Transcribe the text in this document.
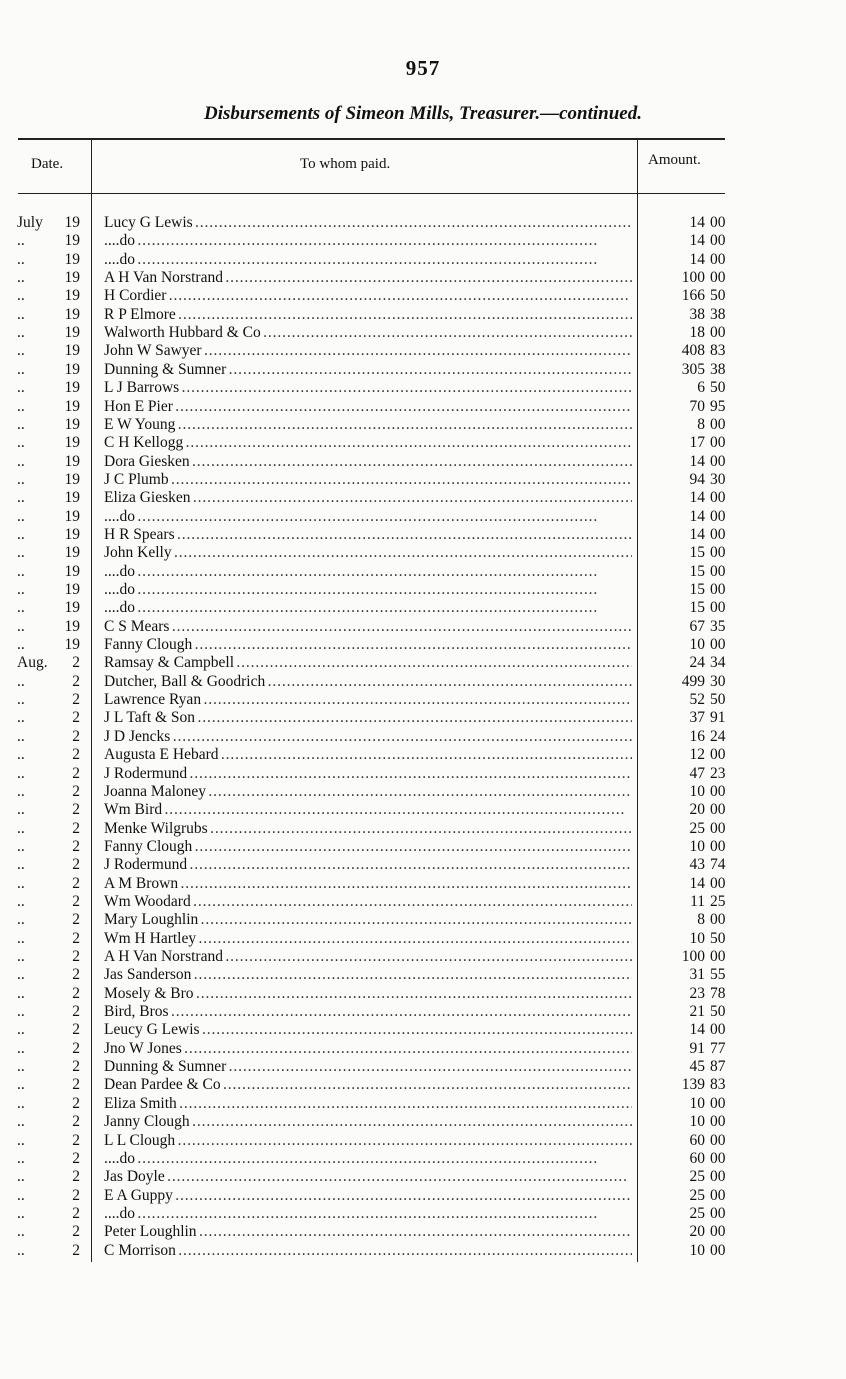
957
Disbursements of Simeon Mills, Treasurer.—continued.
Date.	To whom paid.	Amount.
July	19 Lucy G Lewis . . .	14 00
..	19 ....do . . .	14 00
..	19 ....do . . .	14 00
..	19 A H Van Norstrand . . .	100 00
..	19 H Cordier . . .	166 50
..	19 R P Elmore . . .	38 38
..	19 Walworth Hubbard & Co . . .	18 00
..	19 John W Sawyer . . .	408 83
..	19 Dunning & Sumner . . .	305 38
..	19 L J Barrows . . .	6 50
..	19 Hon E Pier . . .	70 95
..	19 E W Young . . .	8 00
..	19 C H Kellogg . . .	17 00
..	19 Dora Giesken . . .	14 00
..	19 J C Plumb . . .	94 30
..	19 Eliza Giesken . . .	14 00
..	19 ....do . . .	14 00
..	19 H R Spears . . .	14 00
..	19 John Kelly . . .	15 00
..	19 ....do . . .	15 00
..	19 ....do . . .	15 00
..	19 ....do . . .	15 00
..	19 C S Mears . . .	67 35
..	19 Fanny Clough . . .	10 00
Aug.	2 Ramsay & Campbell . . .	24 34
..	2 Dutcher, Ball & Goodrich . . .	499 30
..	2 Lawrence Ryan . . .	52 50
..	2 J L Taft & Son . . .	37 91
..	2 J D Jencks . . .	16 24
..	2 Augusta E Hebard . . .	12 00
..	2 J Rodermund . . .	47 23
..	2 Joanna Maloney . . .	10 00
..	2 Wm Bird . . .	20 00
..	2 Menke Wilgrubs . . .	25 00
..	2 Fanny Clough . . .	10 00
..	2 J Rodermund . . .	43 74
..	2 A M Brown . . .	14 00
..	2 Wm Woodard . . .	11 25
..	2 Mary Loughlin . . .	8 00
..	2 Wm H Hartley . . .	10 50
..	2 A H Van Norstrand . . .	100 00
..	2 Jas Sanderson . . .	31 55
..	2 Mosely & Bro . . .	23 78
..	2 Bird, Bros . . .	21 50
..	2 Leucy G Lewis . . .	14 00
..	2 Jno W Jones . . .	91 77
..	2 Dunning & Sumner . . .	45 87
..	2 Dean Pardee & Co . . .	139 83
..	2 Eliza Smith . . .	10 00
..	2 Janny Clough . . .	10 00
..	2 L L Clough . . .	60 00
..	2 ....do . . .	60 00
..	2 Jas Doyle . . .	25 00
..	2 E A Guppy . . .	25 00
..	2 ....do . . .	25 00
..	2 Peter Loughlin . . .	20 00
..	2 C Morrison . . .	10 00
